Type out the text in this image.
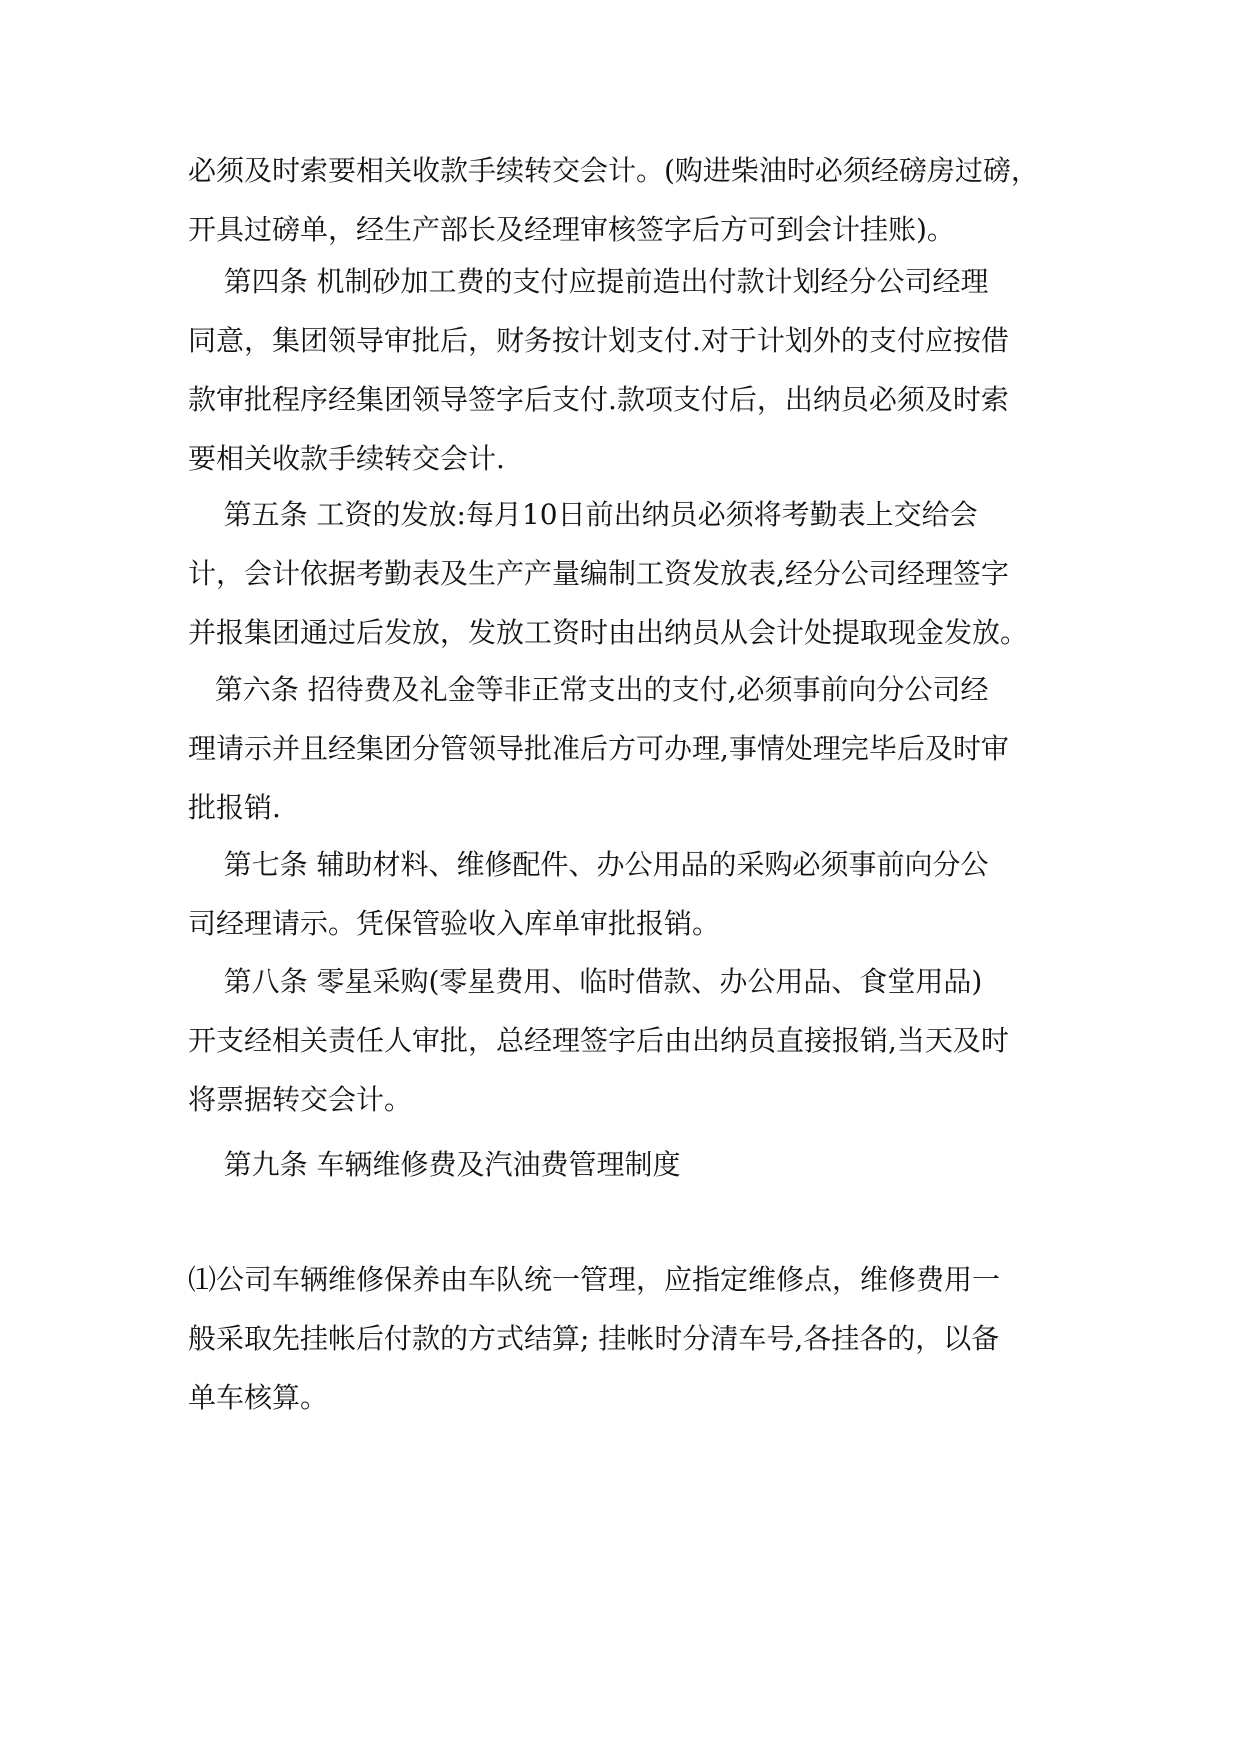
必须及时索要相关收款手续转交会计。(购进柴油时必须经磅房过磅，
开具过磅单，经生产部长及经理审核签字后方可到会计挂账)。

第四条 机制砂加工费的支付应提前造出付款计划经分公司经理
同意，集团领导审批后，财务按计划支付.对于计划外的支付应按借
款审批程序经集团领导签字后支付.款项支付后，出纳员必须及时索
要相关收款手续转交会计.

第五条 工资的发放:每月10日前出纳员必须将考勤表上交给会
计，会计依据考勤表及生产产量编制工资发放表,经分公司经理签字
并报集团通过后发放，发放工资时由出纳员从会计处提取现金发放。

第六条 招待费及礼金等非正常支出的支付,必须事前向分公司经
理请示并且经集团分管领导批准后方可办理,事情处理完毕后及时审
批报销.

第七条 辅助材料、维修配件、办公用品的采购必须事前向分公
司经理请示。凭保管验收入库单审批报销。

第八条 零星采购(零星费用、临时借款、办公用品、食堂用品)
开支经相关责任人审批，总经理签字后由出纳员直接报销,当天及时
将票据转交会计。

第九条 车辆维修费及汽油费管理制度

⑴公司车辆维修保养由车队统一管理，应指定维修点，维修费用一
般采取先挂帐后付款的方式结算; 挂帐时分清车号,各挂各的，以备
单车核算。
